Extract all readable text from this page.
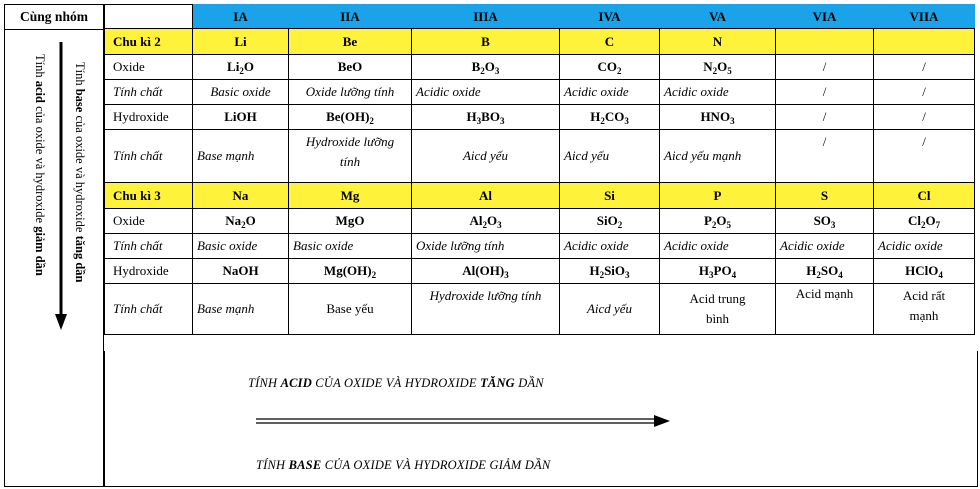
Cùng nhóm
Tính base của oxide và hydroxide tăng dần
Tính acid của oxide và hydroxide giảm dần
	IA	IIA	IIIA	IVA	VA	VIA	VIIA
Chu kì 2	Li	Be	B	C	N		
Oxide	$Li_2O$	BeO	$B_2O_3$	$CO_2$	$N_2O_5$	/	/
Tính chất	Basic oxide	Oxide lưỡng tính	Acidic oxide	Acidic oxide	Acidic oxide	/	/
Hydroxide	LiOH	$Be(OH)_2$	$H_3BO_3$	$H_2CO_3$	$HNO_3$	/	/
Tính chất	Base mạnh	Hydroxide lưỡng tính	Aicd yếu	Aicd yếu	Aicd yếu mạnh	/	/
Chu kì 3	Na	Mg	Al	Si	P	S	Cl
Oxide	$Na_2O$	MgO	$Al_2O_3$	SiO$_2$	$P_2O_5$	$SO_3$	$Cl_2O_7$
Tính chất	Basic oxide	Basic oxide	Oxide lưỡng tính	Acidic oxide	Acidic oxide	Acidic oxide	Acidic oxide
Hydroxide	NaOH	$Mg(OH)_2$	$Al(OH)_3$	$H_2SiO_3$	$H_3PO_4$	$H_2SO_4$	HClO$_4$
Tính chất	Base mạnh	Base yếu	Hydroxide lưỡng tính	Aicd yếu	Acid trung bình	Acid mạnh	Acid rất mạnh
TÍNH ACID CỦA OXIDE VÀ HYDROXIDE TĂNG DẦN
TÍNH BASE CỦA OXIDE VÀ HYDROXIDE GIẢM DẦN
